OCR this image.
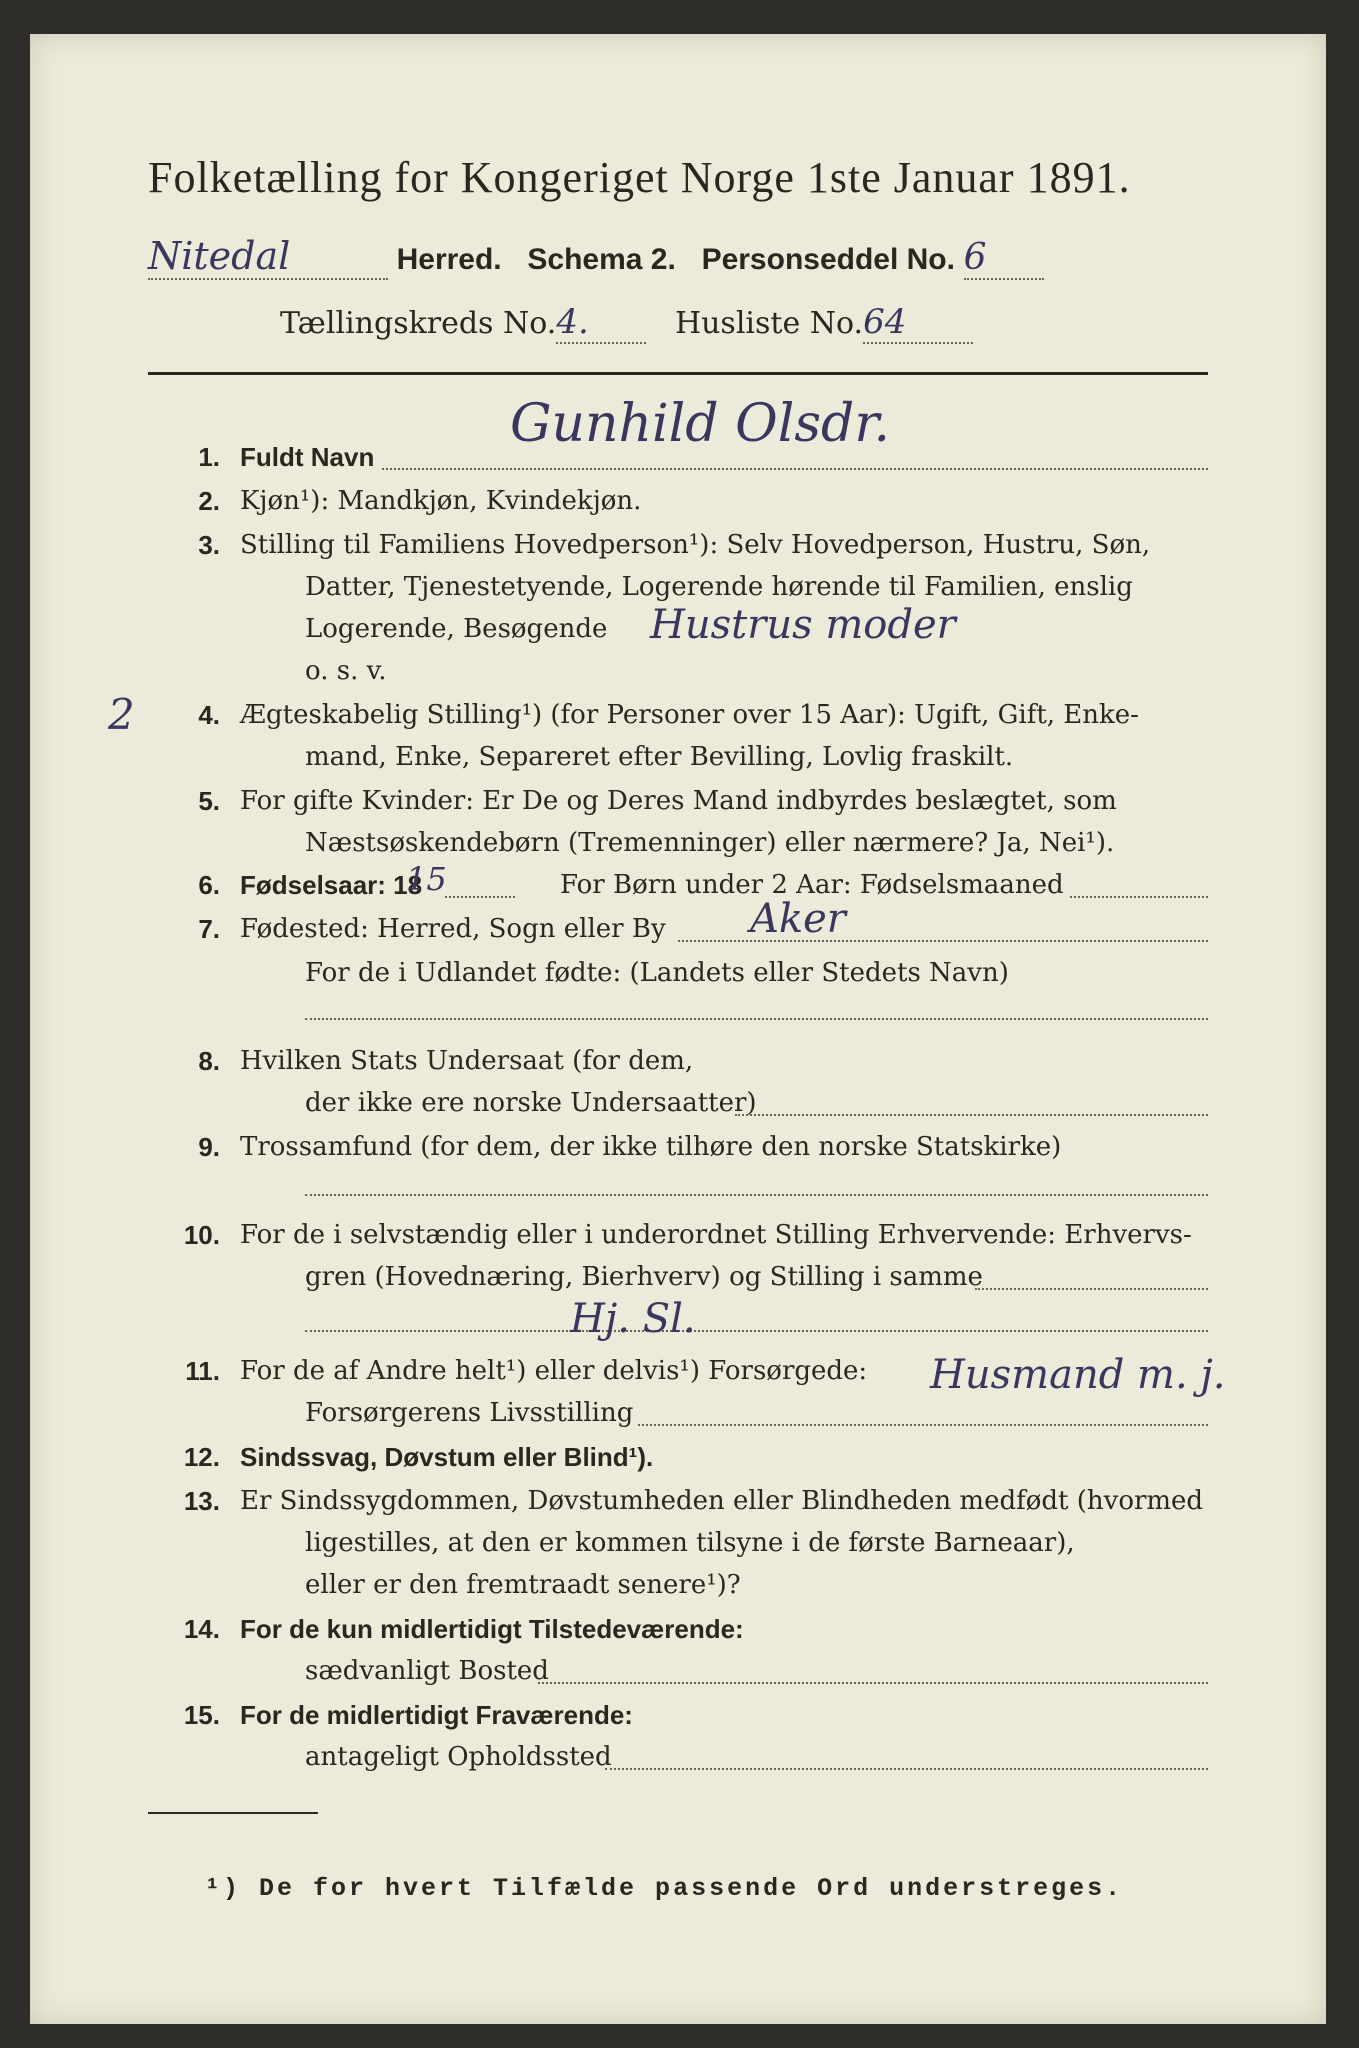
Folketælling for Kongeriget Norge 1ste Januar 1891.
Nitedal	Herred. Schema 2. Personseddel No. 6
Tællingskreds No.4.	Husliste No.64
1. Fuldt Navn
Gunhild Olsdr.
2. Kjøn¹): Mandkjøn, Kvindekjøn.
3. Stilling til Familiens Hovedperson¹): Selv Hovedperson, Hustru, Søn,
Datter, Tjenestetyende, Logerende hørende til Familien, enslig
Logerende, Besøgende
o. s. v.
Hustrus moder
2	4. Ægteskabelig Stilling¹) (for Personer over 15 Aar): Ugift, Gift, Enke-
mand, Enke, Separeret efter Bevilling, Lovlig fraskilt.
5. For gifte Kvinder: Er De og Deres Mand indbyrdes beslægtet, som
Næstsøskendebørn (Tremenninger) eller nærmere? Ja, Nei¹).
6. Fødselsaar: 18
15	For Børn under 2 Aar: Fødselsmaaned
7. Fødested: Herred, Sogn eller By Aker
For de i Udlandet fødte: (Landets eller Stedets Navn)
8. Hvilken Stats Undersaat (for dem,
der ikke ere norske Undersaatter)
9. Trossamfund (for dem, der ikke tilhøre den norske Statskirke)
10. For de i selvstændig eller i underordnet Stilling Erhvervende: Erhvervs-
gren (Hovednæring, Bierhverv) og Stilling i samme
Hj. Sl.
11. For de af Andre helt¹) eller delvis¹) Forsørgede:
Forsørgerens Livsstilling
Husmand m. j.
12. Sindssvag, Døvstum eller Blind¹).
13. Er Sindssygdommen, Døvstumheden eller Blindheden medfødt (hvormed
ligestilles, at den er kommen tilsyne i de første Barneaar),
eller er den fremtraadt senere¹)?
14. For de kun midlertidigt Tilstedeværende:
sædvanligt Bosted
15. For de midlertidigt Fraværende:
antageligt Opholdssted
¹) De for hvert Tilfælde passende Ord understreges.
